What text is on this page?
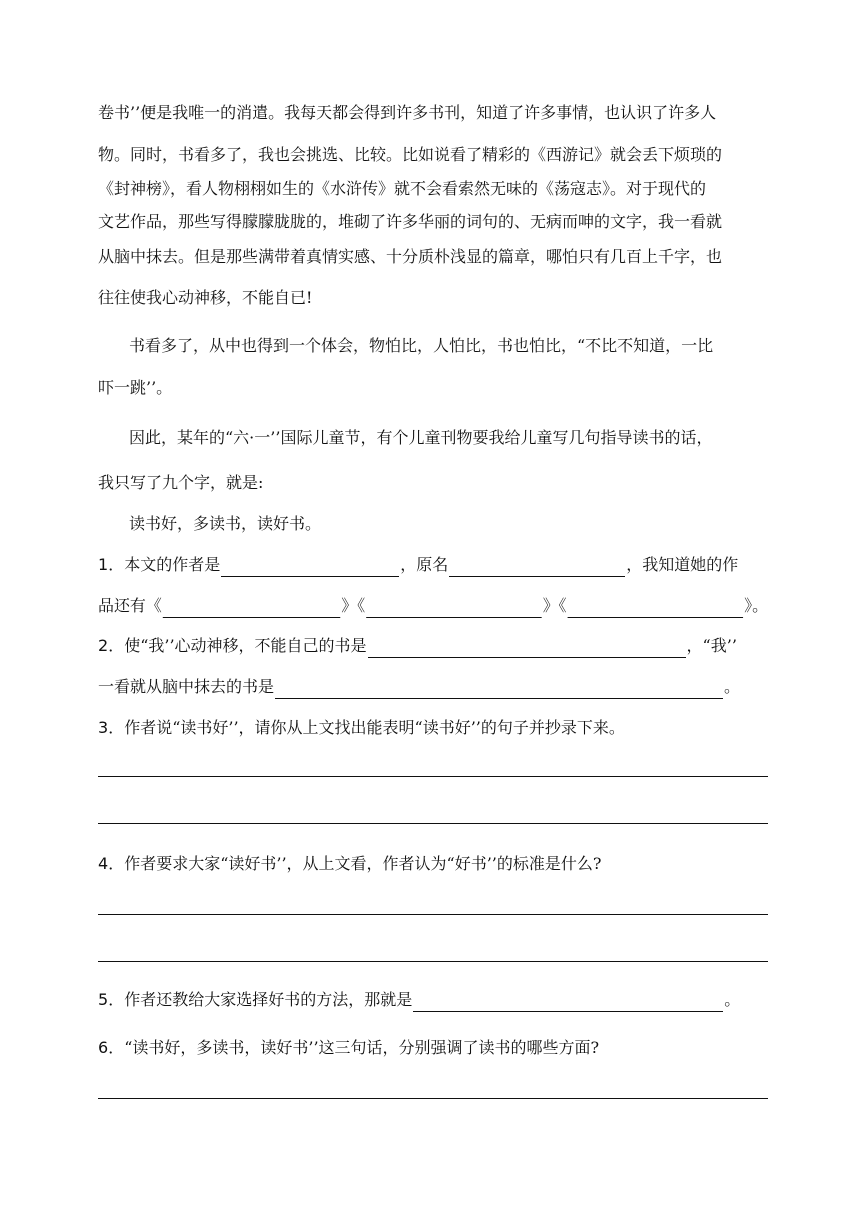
卷书’’便是我唯一的消遣。我每天都会得到许多书刊，知道了许多事情，也认识了许多人
物。同时，书看多了，我也会挑选、比较。比如说看了精彩的《西游记》就会丢下烦琐的
《封神榜》，看人物栩栩如生的《水浒传》就不会看索然无味的《荡寇志》。对于现代的
文艺作品，那些写得朦朦胧胧的，堆砌了许多华丽的词句的、无病而呻的文字，我一看就
从脑中抹去。但是那些满带着真情实感、十分质朴浅显的篇章，哪怕只有几百上千字，也
往往使我心动神移，不能自已!
书看多了，从中也得到一个体会，物怕比，人怕比，书也怕比，“不比不知道，一比
吓一跳’’。
因此，某年的“六·一’’国际儿童节，有个儿童刊物要我给儿童写几句指导读书的话，
我只写了九个字，就是:
读书好，多读书，读好书。
1．本文的作者是	，原名	，我知道她的作
品还有《	》《	》《	》。
2．使“我’’心动神移，不能自己的书是	，“我’’
一看就从脑中抹去的书是	。
3．作者说“读书好’’，请你从上文找出能表明“读书好’’的句子并抄录下来。
4．作者要求大家“读好书’’，从上文看，作者认为“好书’’的标准是什么?
5．作者还教给大家选择好书的方法，那就是	。
6．“读书好，多读书，读好书’’这三句话，分别强调了读书的哪些方面?
